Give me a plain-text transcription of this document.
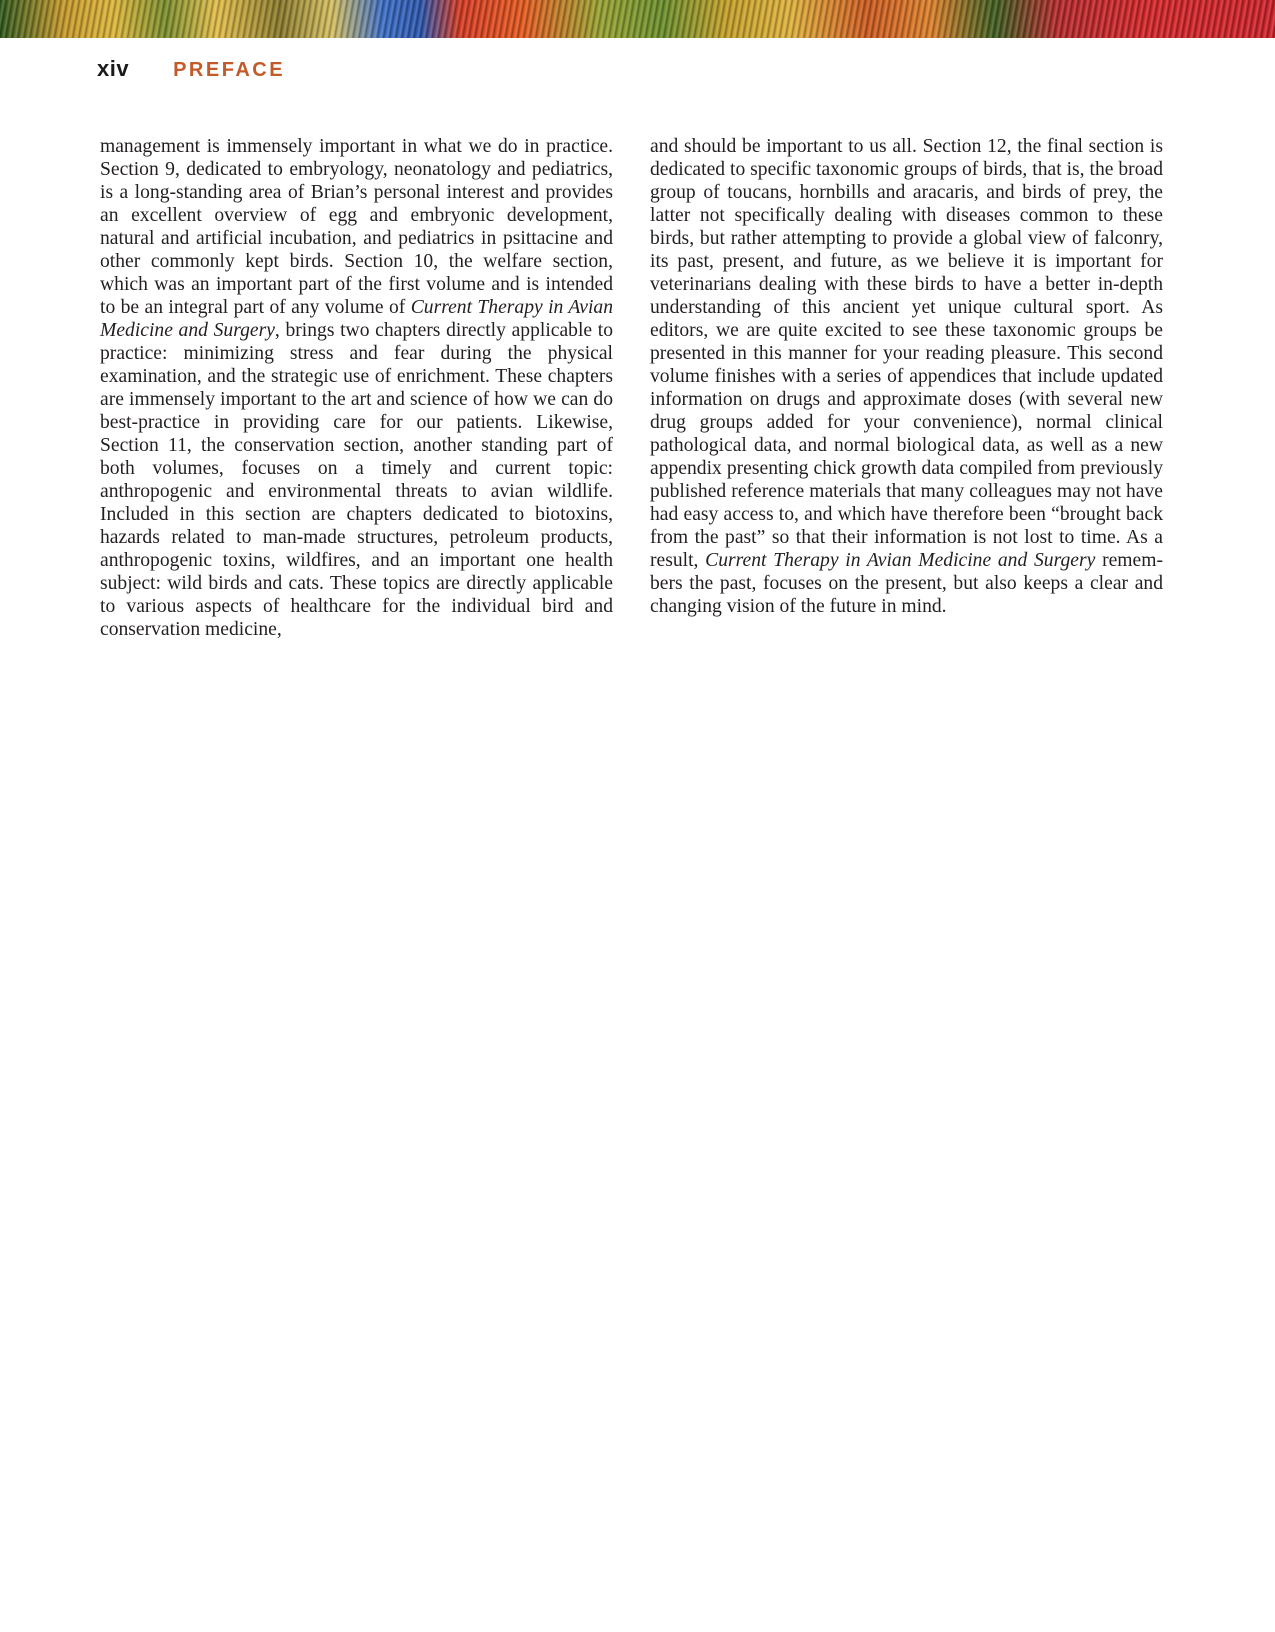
xiv PREFACE
management is immensely important in what we do in practice. Section 9, dedicated to embryology, neonatology and pediatrics, is a long-standing area of Brian’s personal interest and provides an excellent overview of egg and embryonic development, natural and artificial incubation, and pediatrics in psittacine and other commonly kept birds. Section 10, the welfare section, which was an important part of the first volume and is intended to be an integral part of any volume of Current Therapy in Avian Medicine and Surgery, brings two chapters directly applicable to practice: minimizing stress and fear during the physical examination, and the strategic use of enrichment. These chapters are immensely important to the art and science of how we can do best-practice in providing care for our patients. Likewise, Section 11, the conservation section, another standing part of both volumes, focuses on a timely and current topic: anthropogenic and environmental threats to avian wildlife. Included in this section are chapters dedicated to biotoxins, hazards related to man-made structures, petroleum products, anthropogenic toxins, wildfires, and an important one health subject: wild birds and cats. These topics are directly applicable to various aspects of healthcare for the individual bird and conservation medicine,
and should be important to us all. Section 12, the final section is dedicated to specific taxonomic groups of birds, that is, the broad group of toucans, hornbills and aracaris, and birds of prey, the latter not specifically dealing with diseases common to these birds, but rather attempting to provide a global view of falconry, its past, present, and future, as we believe it is important for veterinarians dealing with these birds to have a better in-depth understanding of this ancient yet unique cultural sport. As editors, we are quite excited to see these taxonomic groups be presented in this manner for your reading pleasure. This second volume finishes with a series of appendices that include updated information on drugs and approximate doses (with several new drug groups added for your convenience), normal clinical pathological data, and normal biological data, as well as a new appendix presenting chick growth data compiled from previously published reference materials that many colleagues may not have had easy access to, and which have therefore been “brought back from the past” so that their information is not lost to time. As a result, Current Therapy in Avian Medicine and Surgery remembers the past, focuses on the present, but also keeps a clear and changing vision of the future in mind.
